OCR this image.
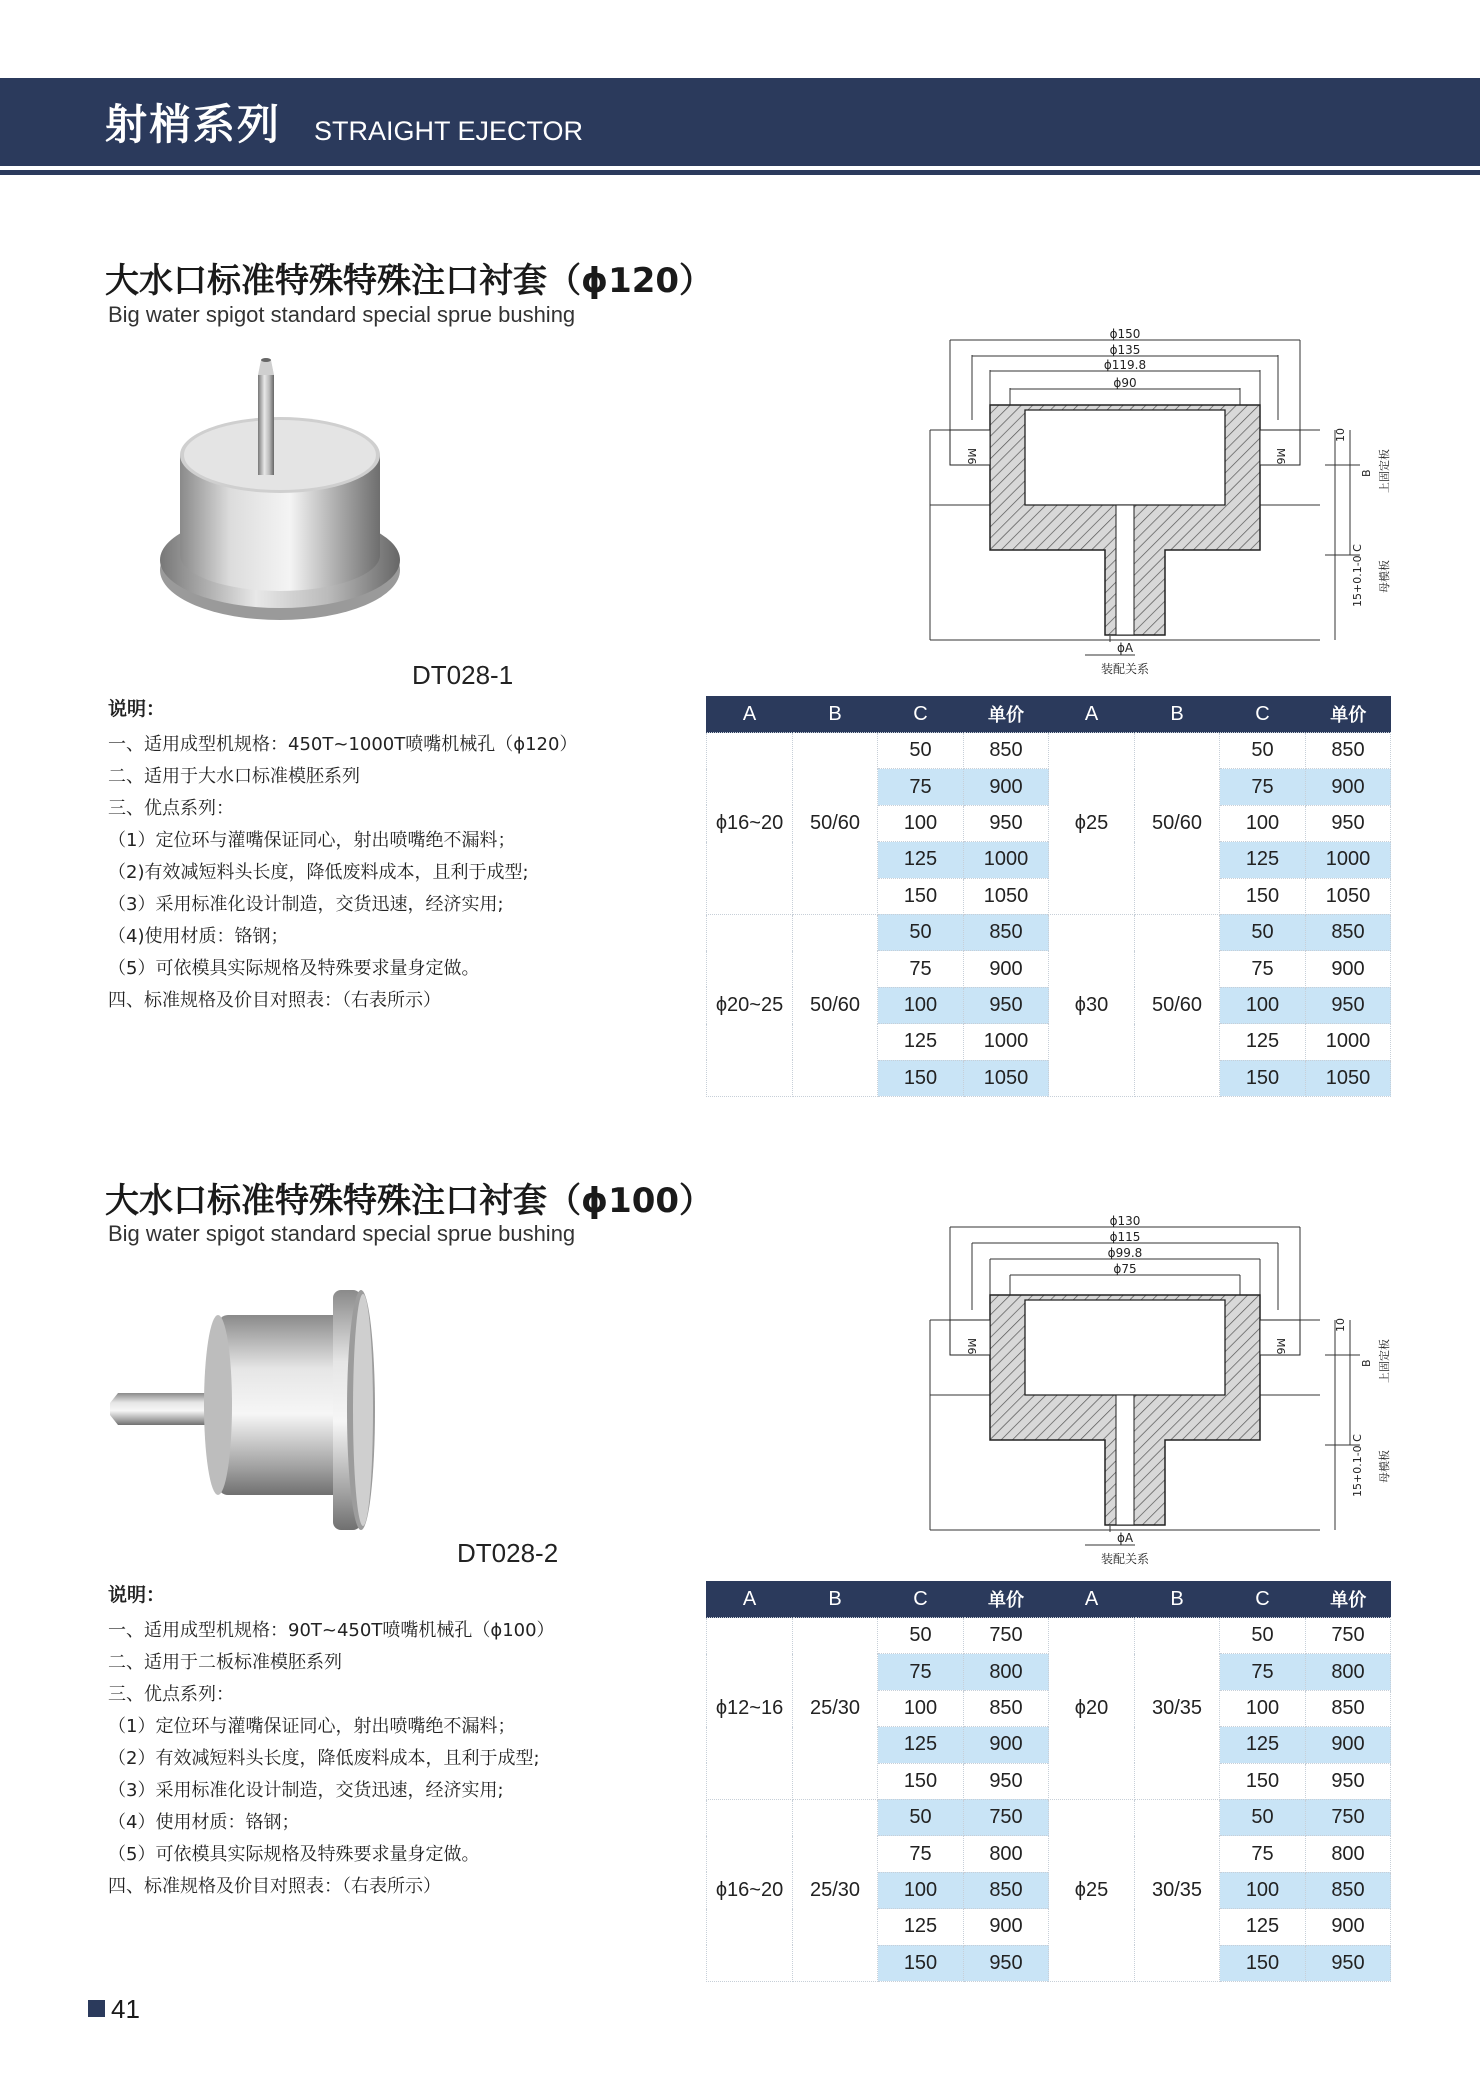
射梢系列 STRAIGHT EJECTOR
大水口标准特殊特殊注口衬套（ϕ120）
Big water spigot standard special sprue bushing
DT028-1
说明：
一、适用成型机规格：450T~1000T喷嘴机械孔（ϕ120）
二、适用于大水口标准模胚系列
三、优点系列：
（1）定位环与灌嘴保证同心，射出喷嘴绝不漏料；
（2)有效减短料头长度，降低废料成本，且利于成型;
（3）采用标准化设计制造，交货迅速，经济实用;
（4)使用材质：铬钢；
（5）可依模具实际规格及特殊要求量身定做。
四、标准规格及价目对照表：（右表所示）
ϕ150
ϕ135
ϕ119.8
ϕ90
ϕA
装配关系
M6	M6
10
B 上固定板
15+0.1-0 C 母模板
A	B	C	单价	A	B	C	单价
ϕ16~20	50/60	50	850	ϕ25	50/60	50	850
		75	900			75	900
		100	950			100	950
		125	1000			125	1000
		150	1050			150	1050
ϕ20~25	50/60	50	850	ϕ30	50/60	50	850
		75	900			75	900
		100	950			100	950
		125	1000			125	1000
		150	1050			150	1050
大水口标准特殊特殊注口衬套（ϕ100）
Big water spigot standard special sprue bushing
DT028-2
说明：
一、适用成型机规格：90T~450T喷嘴机械孔（ϕ100）
二、适用于二板标准模胚系列
三、优点系列：
（1）定位环与灌嘴保证同心，射出喷嘴绝不漏料；
（2）有效减短料头长度，降低废料成本，且利于成型;
（3）采用标准化设计制造，交货迅速，经济实用;
（4）使用材质：铬钢；
（5）可依模具实际规格及特殊要求量身定做。
四、标准规格及价目对照表：（右表所示）
ϕ130
ϕ115
ϕ99.8
ϕ75
ϕA
装配关系
M6	M6
10
B 上固定板
15+0.1-0 C 母模板
A	B	C	单价	A	B	C	单价
ϕ12~16	25/30	50	750	ϕ20	30/35	50	750
		75	800			75	800
		100	850			100	850
		125	900			125	900
		150	950			150	950
ϕ16~20	25/30	50	750	ϕ25	30/35	50	750
		75	800			75	800
		100	850			100	850
		125	900			125	900
		150	950			150	950
41
